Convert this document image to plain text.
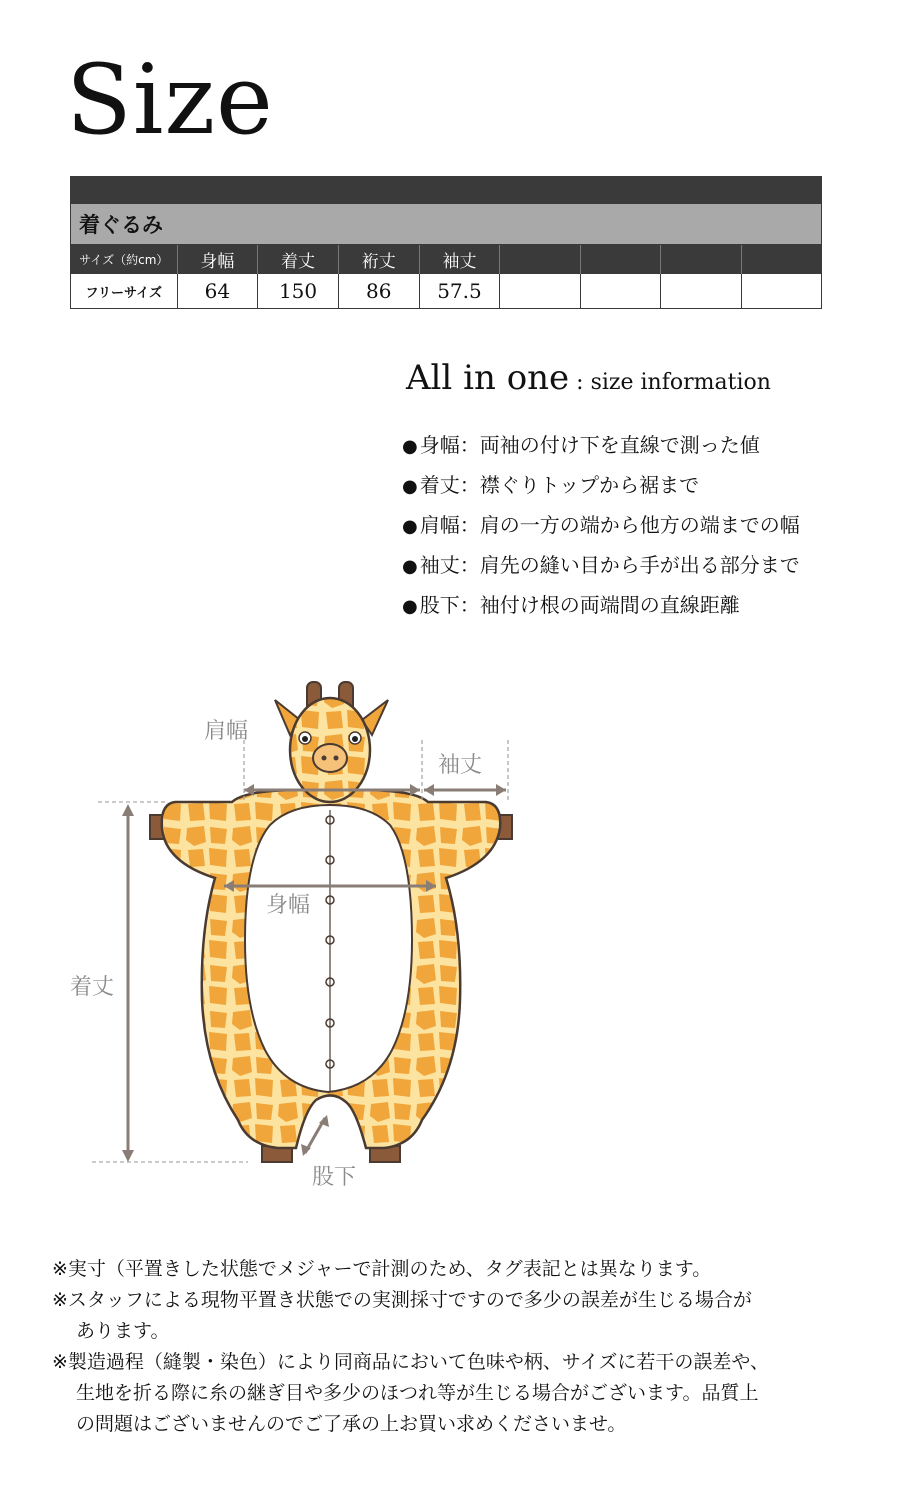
Size

着ぐるみ								
サイズ（約cm）	身幅	着丈	裄丈	袖丈				
フリーサイズ	64	150	86	57.5				
All in one : size information
● 身幅：両袖の付け下を直線で測った値
● 着丈：襟ぐりトップから裾まで
● 肩幅：肩の一方の端から他方の端までの幅
● 袖丈：肩先の縫い目から手が出る部分まで
● 股下：袖付け根の両端間の直線距離
肩幅
袖丈
身幅
着丈
股下

※実寸（平置きした状態でメジャーで計測のため、タグ表記とは異なります。

※スタッフによる現物平置き状態での実測採寸ですので多少の誤差が生じる場合が

あります。

※製造過程（縫製・染色）により同商品において色味や柄、サイズに若干の誤差や、

生地を折る際に糸の継ぎ目や多少のほつれ等が生じる場合がございます。品質上

の問題はございませんのでご了承の上お買い求めくださいませ。
